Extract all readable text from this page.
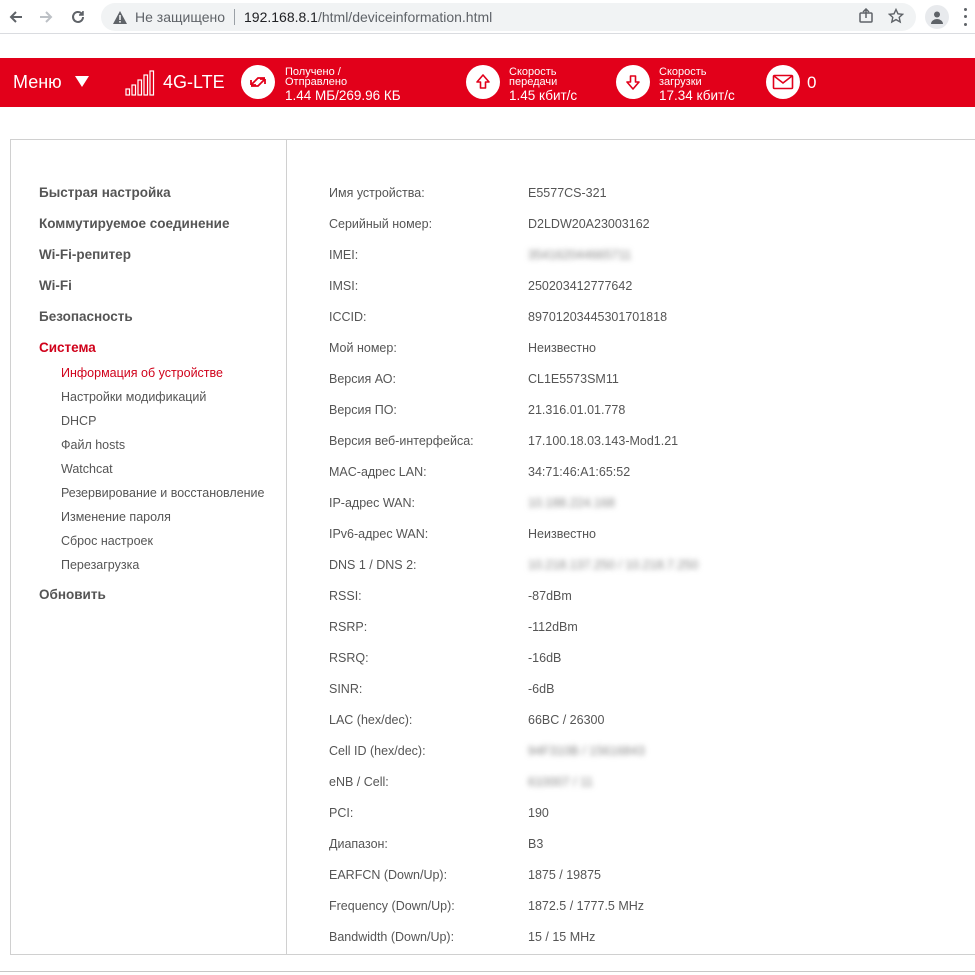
Не защищено 192.168.8.1 /html/deviceinformation.html
Меню	4G-LTE	Получено /
Отправлено
1.44 МБ/269.96 КБ
Скорость
передачи
1.45 кбит/с
Скорость
загрузки
17.34 кбит/с
0
Быстрая настройка
Коммутируемое соединение
Wi-Fi-репитер
Wi-Fi
Безопасность
Система
Информация об устройстве
Настройки модификаций
DHCP
Файл hosts
Watchcat
Резервирование и восстановление
Изменение пароля
Сброс настроек
Перезагрузка
Обновить
Имя устройства:	E5577CS-321
Серийный номер:	D2LDW20A23003162
IMEI:	354162044665711
IMSI:	250203412777642
ICCID:	89701203445301701818
Мой номер:	Неизвестно
Версия АО:	CL1E5573SM11
Версия ПО:	21.316.01.01.778
Версия веб-интерфейса:	17.100.18.03.143-Mod1.21
MAC-адрес LAN:	34:71:46:A1:65:52
IP-адрес WAN:	10.188.224.168
IPv6-адрес WAN:	Неизвестно
DNS 1 / DNS 2:	10.218.137.250 / 10.218.7.250
RSSI:	-87dBm
RSRP:	-112dBm
RSRQ:	-16dB
SINR:	-6dB
LAC (hex/dec):	66BC / 26300
Cell ID (hex/dec):	94F310B / 15616843
eNB / Cell:	610007 / 11
PCI:	190
Диапазон:	B3
EARFCN (Down/Up):	1875 / 19875
Frequency (Down/Up):	1872.5 / 1777.5 MHz
Bandwidth (Down/Up):	15 / 15 MHz
